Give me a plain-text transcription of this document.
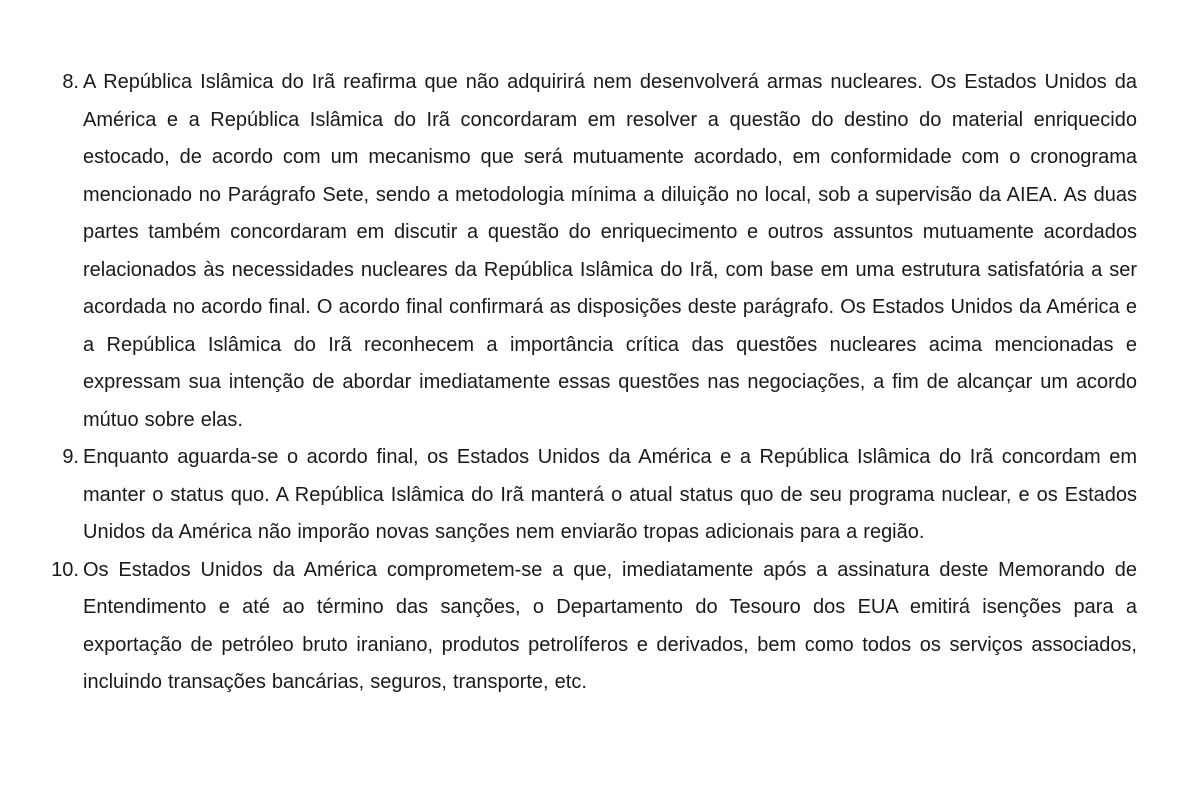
8. A República Islâmica do Irã reafirma que não adquirirá nem desenvolverá armas nucleares. Os Estados Unidos da América e a República Islâmica do Irã concordaram em resolver a questão do destino do material enriquecido estocado, de acordo com um mecanismo que será mutuamente acordado, em conformidade com o cronograma mencionado no Parágrafo Sete, sendo a metodologia mínima a diluição no local, sob a supervisão da AIEA. As duas partes também concordaram em discutir a questão do enriquecimento e outros assuntos mutuamente acordados relacionados às necessidades nucleares da República Islâmica do Irã, com base em uma estrutura satisfatória a ser acordada no acordo final. O acordo final confirmará as disposições deste parágrafo. Os Estados Unidos da América e a República Islâmica do Irã reconhecem a importância crítica das questões nucleares acima mencionadas e expressam sua intenção de abordar imediatamente essas questões nas negociações, a fim de alcançar um acordo mútuo sobre elas.

9. Enquanto aguarda-se o acordo final, os Estados Unidos da América e a República Islâmica do Irã concordam em manter o status quo. A República Islâmica do Irã manterá o atual status quo de seu programa nuclear, e os Estados Unidos da América não imporão novas sanções nem enviarão tropas adicionais para a região.

10. Os Estados Unidos da América comprometem-se a que, imediatamente após a assinatura deste Memorando de Entendimento e até ao término das sanções, o Departamento do Tesouro dos EUA emitirá isenções para a exportação de petróleo bruto iraniano, produtos petrolíferos e derivados, bem como todos os serviços associados, incluindo transações bancárias, seguros, transporte, etc.
